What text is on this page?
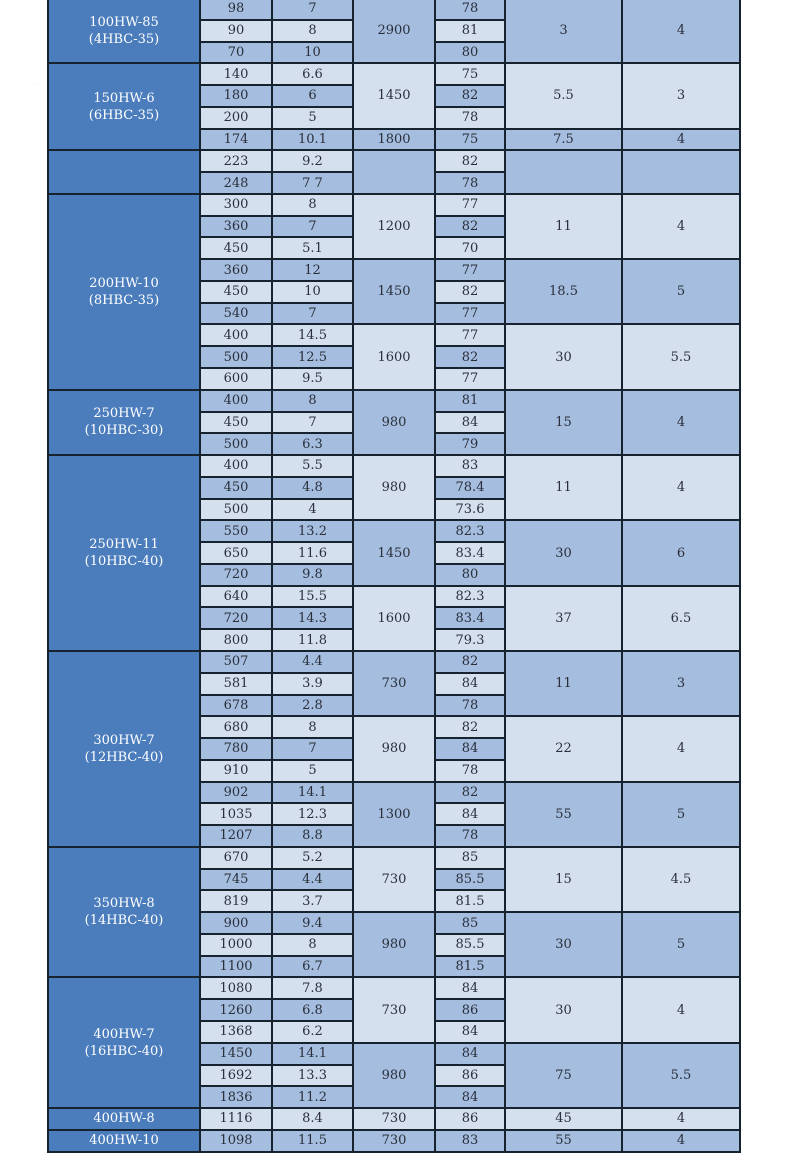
携睿阀门
100HW-85
(4HBC-35)	98	7	2900	78	3	4
	90	8		81		
	70	10		80		

150HW-6
(6HBC-35)	140	6.6	1450	75	5.5	3
	180	6		82		
	200	5		78		
	174	10.1	1800	75	7.5	4

	223	9.2		82		
	248	7 7		78		

200HW-10
(8HBC-35)	300	8	1200	77	11	4
	360	7		82		
	450	5.1		70		
	360	12	1450	77	18.5	5
	450	10		82		
	540	7		77		
	400	14.5	1600	77	30	5.5
	500	12.5		82		
	600	9.5		77		

250HW-7
(10HBC-30)	400	8	980	81	15	4
	450	7		84		
	500	6.3		79		

250HW-11
(10HBC-40)	400	5.5	980	83	11	4
	450	4.8		78.4		
	500	4		73.6		
	550	13.2	1450	82.3	30	6
	650	11.6		83.4		
	720	9.8		80		
	640	15.5	1600	82.3	37	6.5
	720	14.3		83.4		
	800	11.8		79.3		

300HW-7
(12HBC-40)	507	4.4	730	82	11	3
	581	3.9		84		
	678	2.8		78		
	680	8	980	82	22	4
	780	7		84		
	910	5		78		
	902	14.1	1300	82	55	5
	1035	12.3		84		
	1207	8.8		78		

350HW-8
(14HBC-40)	670	5.2	730	85	15	4.5
	745	4.4		85.5		
	819	3.7		81.5		
	900	9.4	980	85	30	5
	1000	8		85.5		
	1100	6.7		81.5		

400HW-7
(16HBC-40)	1080	7.8	730	84	30	4
	1260	6.8		86		
	1368	6.2		84		
	1450	14.1	980	84	75	5.5
	1692	13.3		86		
	1836	11.2		84		

400HW-8	1116	8.4	730	86	45	4

400HW-10	1098	11.5	730	83	55	4
